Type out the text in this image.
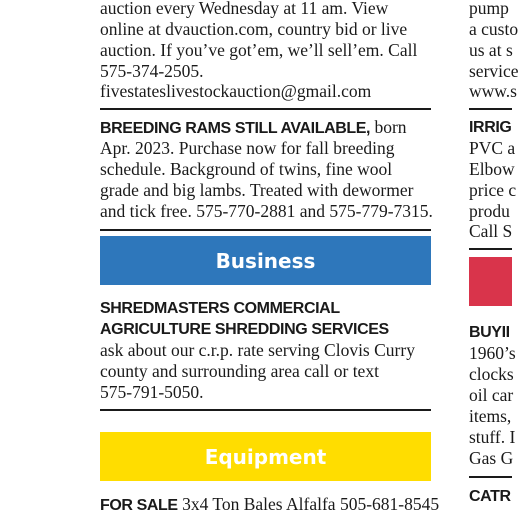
auction every Wednesday at 11 am. View
online at dvauction.com, country bid or live
auction. If you’ve got’em, we’ll sell’em. Call
575-374-2505.
fivestateslivestockauction@gmail.com
BREEDING RAMS STILL AVAILABLE, born
Apr. 2023. Purchase now for fall breeding
schedule. Background of twins, fine wool
grade and big lambs. Treated with dewormer
and tick free. 575-770-2881 and 575-779-7315.
Business
SHREDMASTERS COMMERCIAL
AGRICULTURE SHREDDING SERVICES
ask about our c.r.p. rate serving Clovis Curry
county and surrounding area call or text
575-791-5050.
Equipment
FOR SALE 3x4 Ton Bales Alfalfa 505-681-8545
pump
a custo
us at s
service
www.s
IRRIG
PVC a
Elbow
price c
produ
Call S
BUYII
1960’s
clocks
oil car
items,
stuff. I
Gas G
CATR
